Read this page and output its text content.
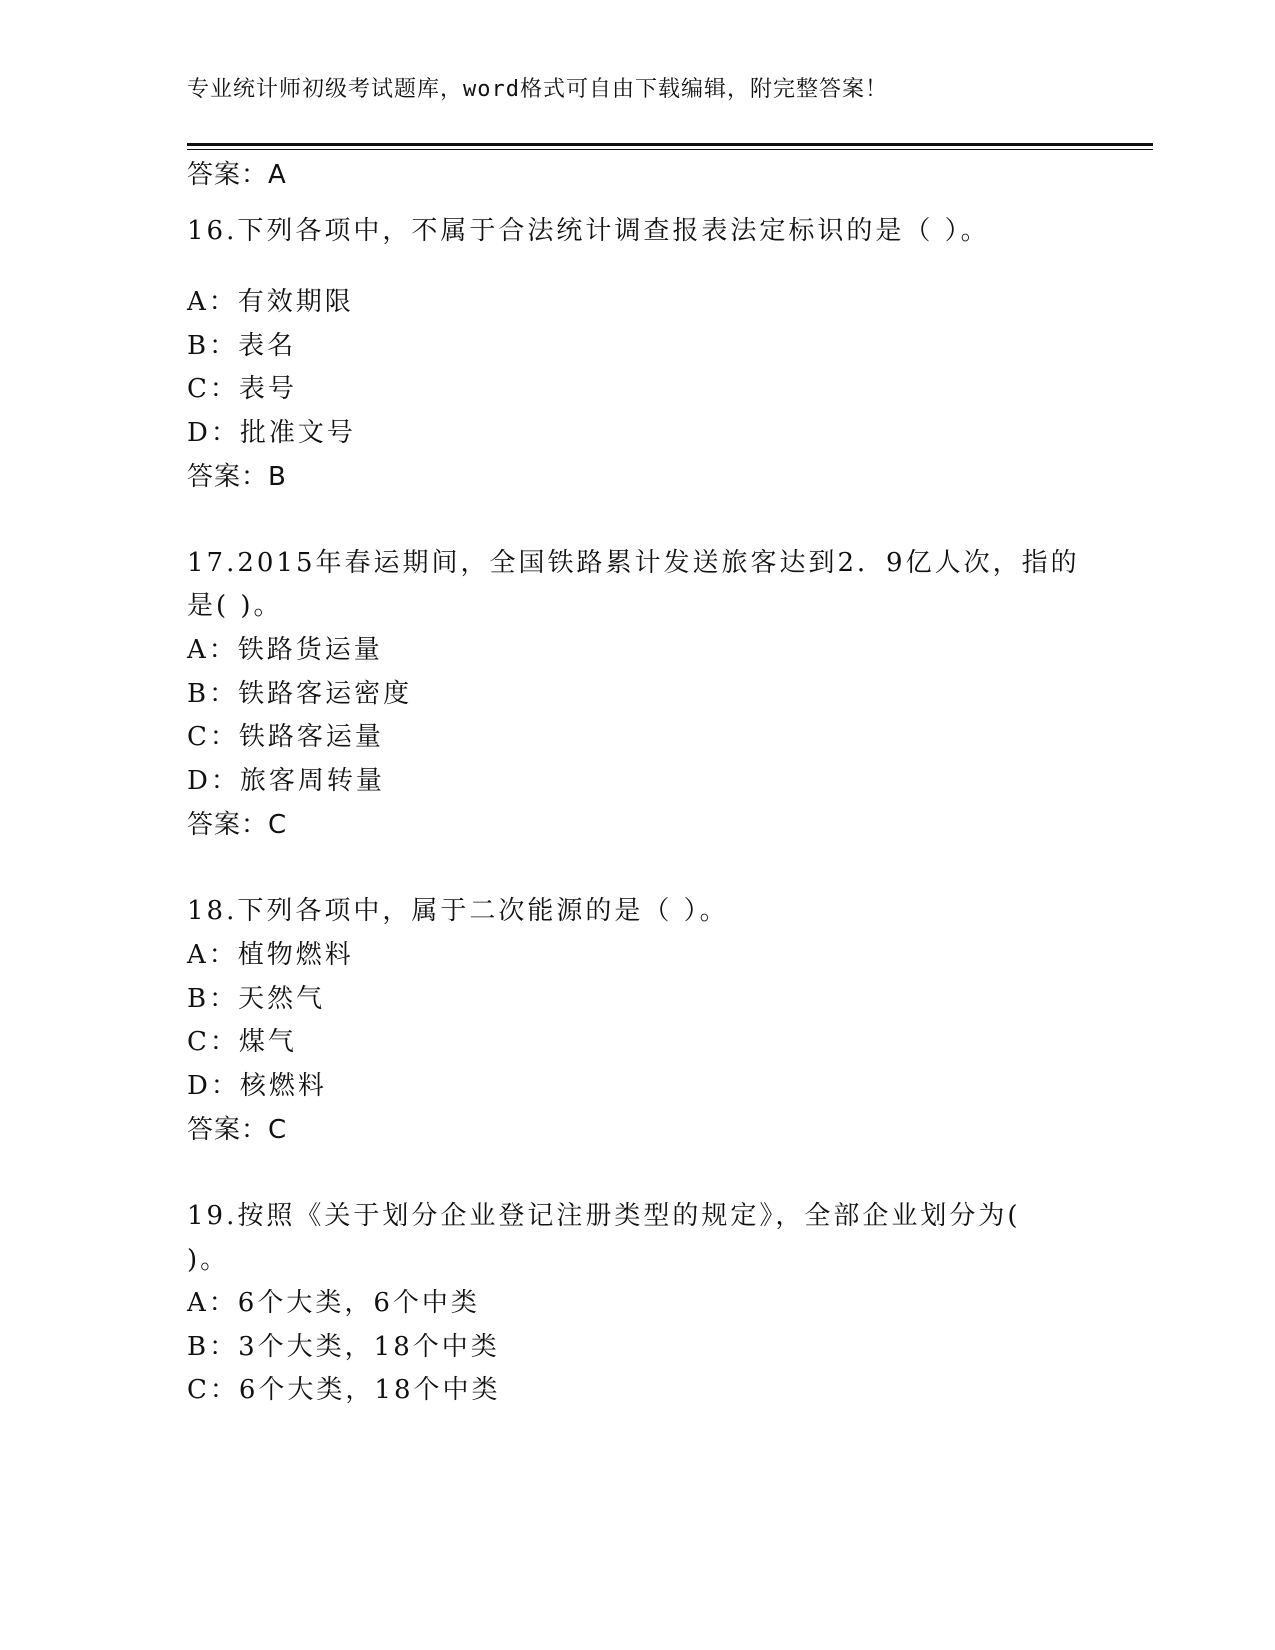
专业统计师初级考试题库，word格式可自由下载编辑，附完整答案！
答案：A
16.下列各项中，不属于合法统计调查报表法定标识的是（ ）。
A：有效期限
B：表名
C：表号
D：批准文号
答案：B
17.2015年春运期间，全国铁路累计发送旅客达到2．9亿人次，指的
是( )。
A：铁路货运量
B：铁路客运密度
C：铁路客运量
D：旅客周转量
答案：C
18.下列各项中，属于二次能源的是（ ）。
A：植物燃料
B：天然气
C：煤气
D：核燃料
答案：C
19.按照《关于划分企业登记注册类型的规定》，全部企业划分为(
)。
A：6个大类，6个中类
B：3个大类，18个中类
C：6个大类，18个中类
